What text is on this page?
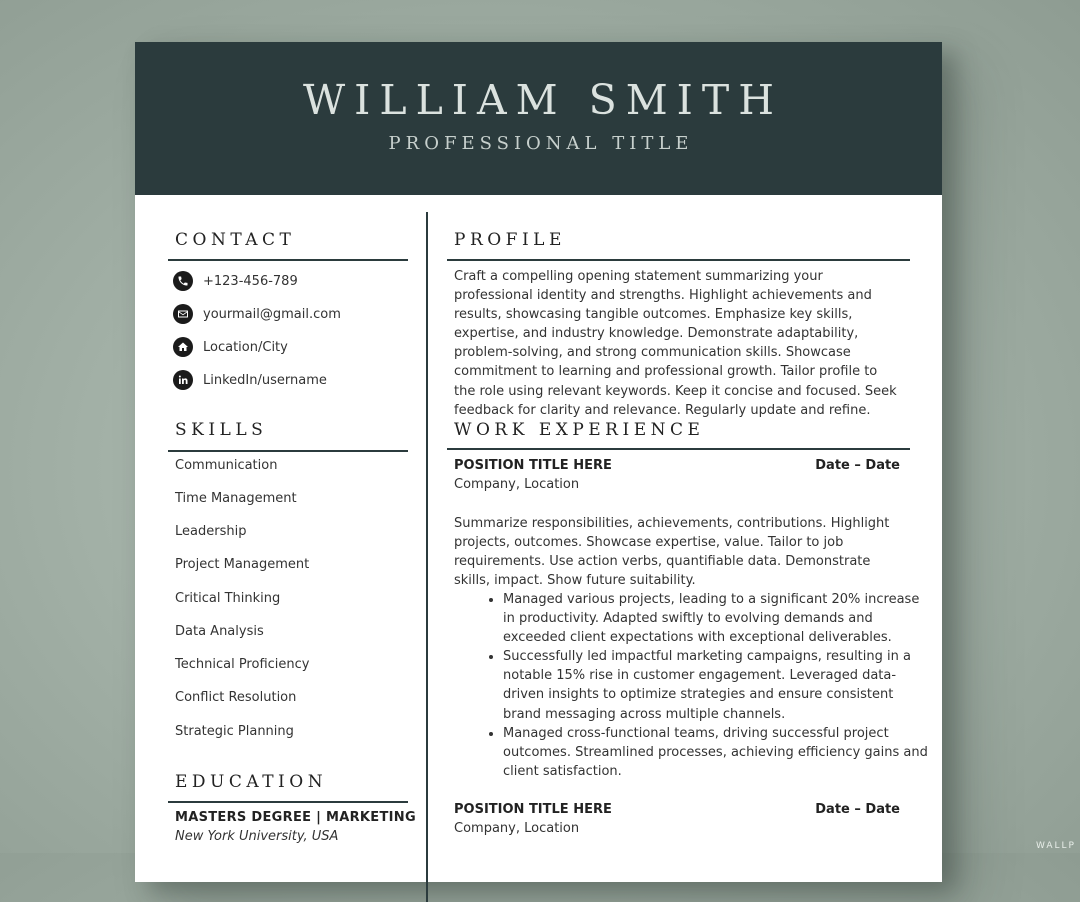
WILLIAM SMITH
PROFESSIONAL TITLE
CONTACT
+123-456-789
yourmail@gmail.com
Location/City
LinkedIn/username
SKILLS
Communication
Time Management
Leadership
Project Management
Critical Thinking
Data Analysis
Technical Proficiency
Conflict Resolution
Strategic Planning
EDUCATION
MASTERS DEGREE | MARKETING
New York University, USA
PROFILE
Craft a compelling opening statement summarizing your professional identity and strengths. Highlight achievements and results, showcasing tangible outcomes. Emphasize key skills, expertise, and industry knowledge. Demonstrate adaptability, problem-solving, and strong communication skills. Showcase commitment to learning and professional growth. Tailor profile to the role using relevant keywords. Keep it concise and focused. Seek feedback for clarity and relevance. Regularly update and refine.
WORK EXPERIENCE
POSITION TITLE HERE	Date – Date
Company, Location
Summarize responsibilities, achievements, contributions. Highlight projects, outcomes. Showcase expertise, value. Tailor to job requirements. Use action verbs, quantifiable data. Demonstrate skills, impact. Show future suitability.
• Managed various projects, leading to a significant 20% increase in productivity. Adapted swiftly to evolving demands and exceeded client expectations with exceptional deliverables.
• Successfully led impactful marketing campaigns, resulting in a notable 15% rise in customer engagement. Leveraged data-driven insights to optimize strategies and ensure consistent brand messaging across multiple channels.
• Managed cross-functional teams, driving successful project outcomes. Streamlined processes, achieving efficiency gains and client satisfaction.
POSITION TITLE HERE	Date – Date
Company, Location
WALLP
